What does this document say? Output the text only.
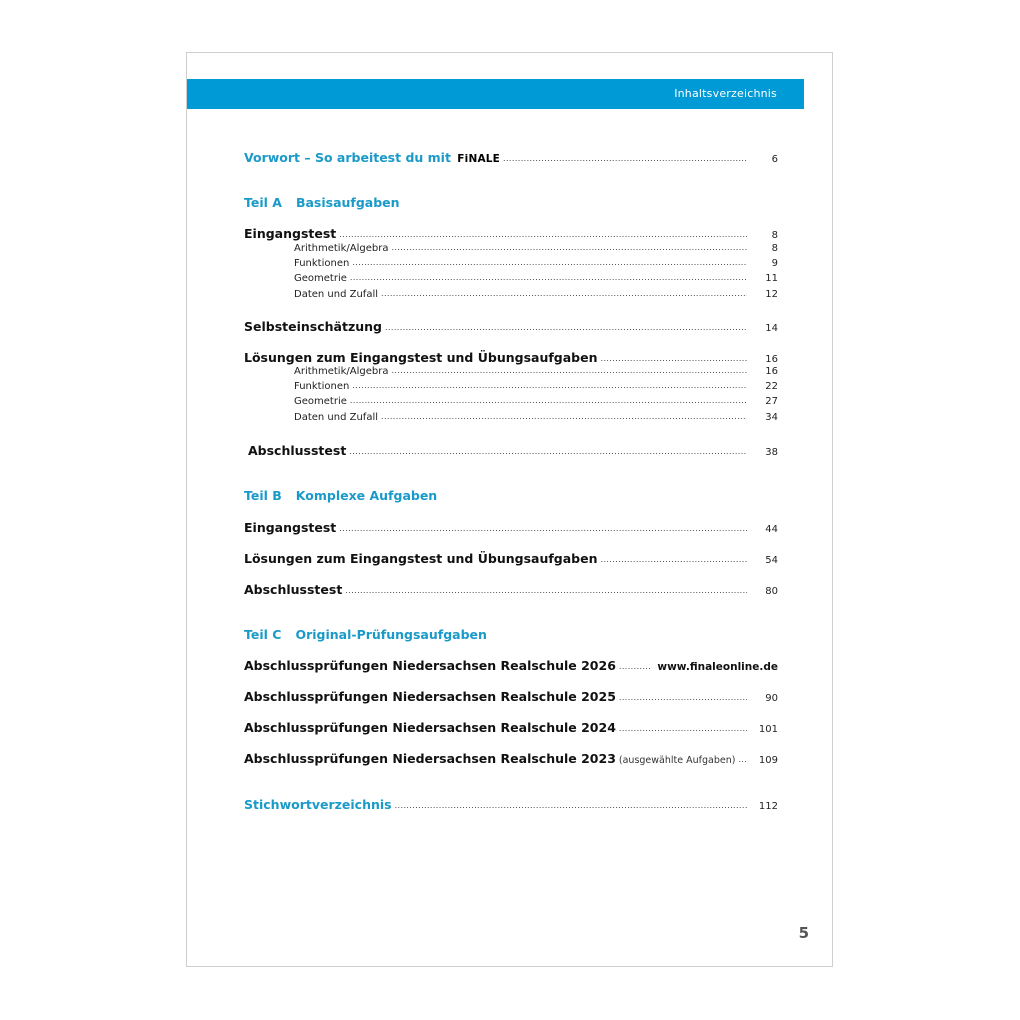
Inhaltsverzeichnis
Vorwort – So arbeitest du mit FiNALE .....	6
Teil A Basisaufgaben
Eingangstest .....	8
Arithmetik/Algebra .....	8
Funktionen .....	9
Geometrie .....	11
Daten und Zufall .....	12
Selbsteinschätzung .....	14
Lösungen zum Eingangstest und Übungsaufgaben .....	16
Arithmetik/Algebra .....	16
Funktionen .....	22
Geometrie .....	27
Daten und Zufall .....	34
Abschlusstest .....	38
Teil B Komplexe Aufgaben
Eingangstest .....	44
Lösungen zum Eingangstest und Übungsaufgaben .....	54
Abschlusstest .....	80
Teil C Original-Prüfungsaufgaben
Abschlussprüfungen Niedersachsen Realschule 2026 .....	www.finaleonline.de
Abschlussprüfungen Niedersachsen Realschule 2025 .....	90
Abschlussprüfungen Niedersachsen Realschule 2024 .....	101
Abschlussprüfungen Niedersachsen Realschule 2023 (ausgewählte Aufgaben) .....	109
Stichwortverzeichnis .....	112
5
